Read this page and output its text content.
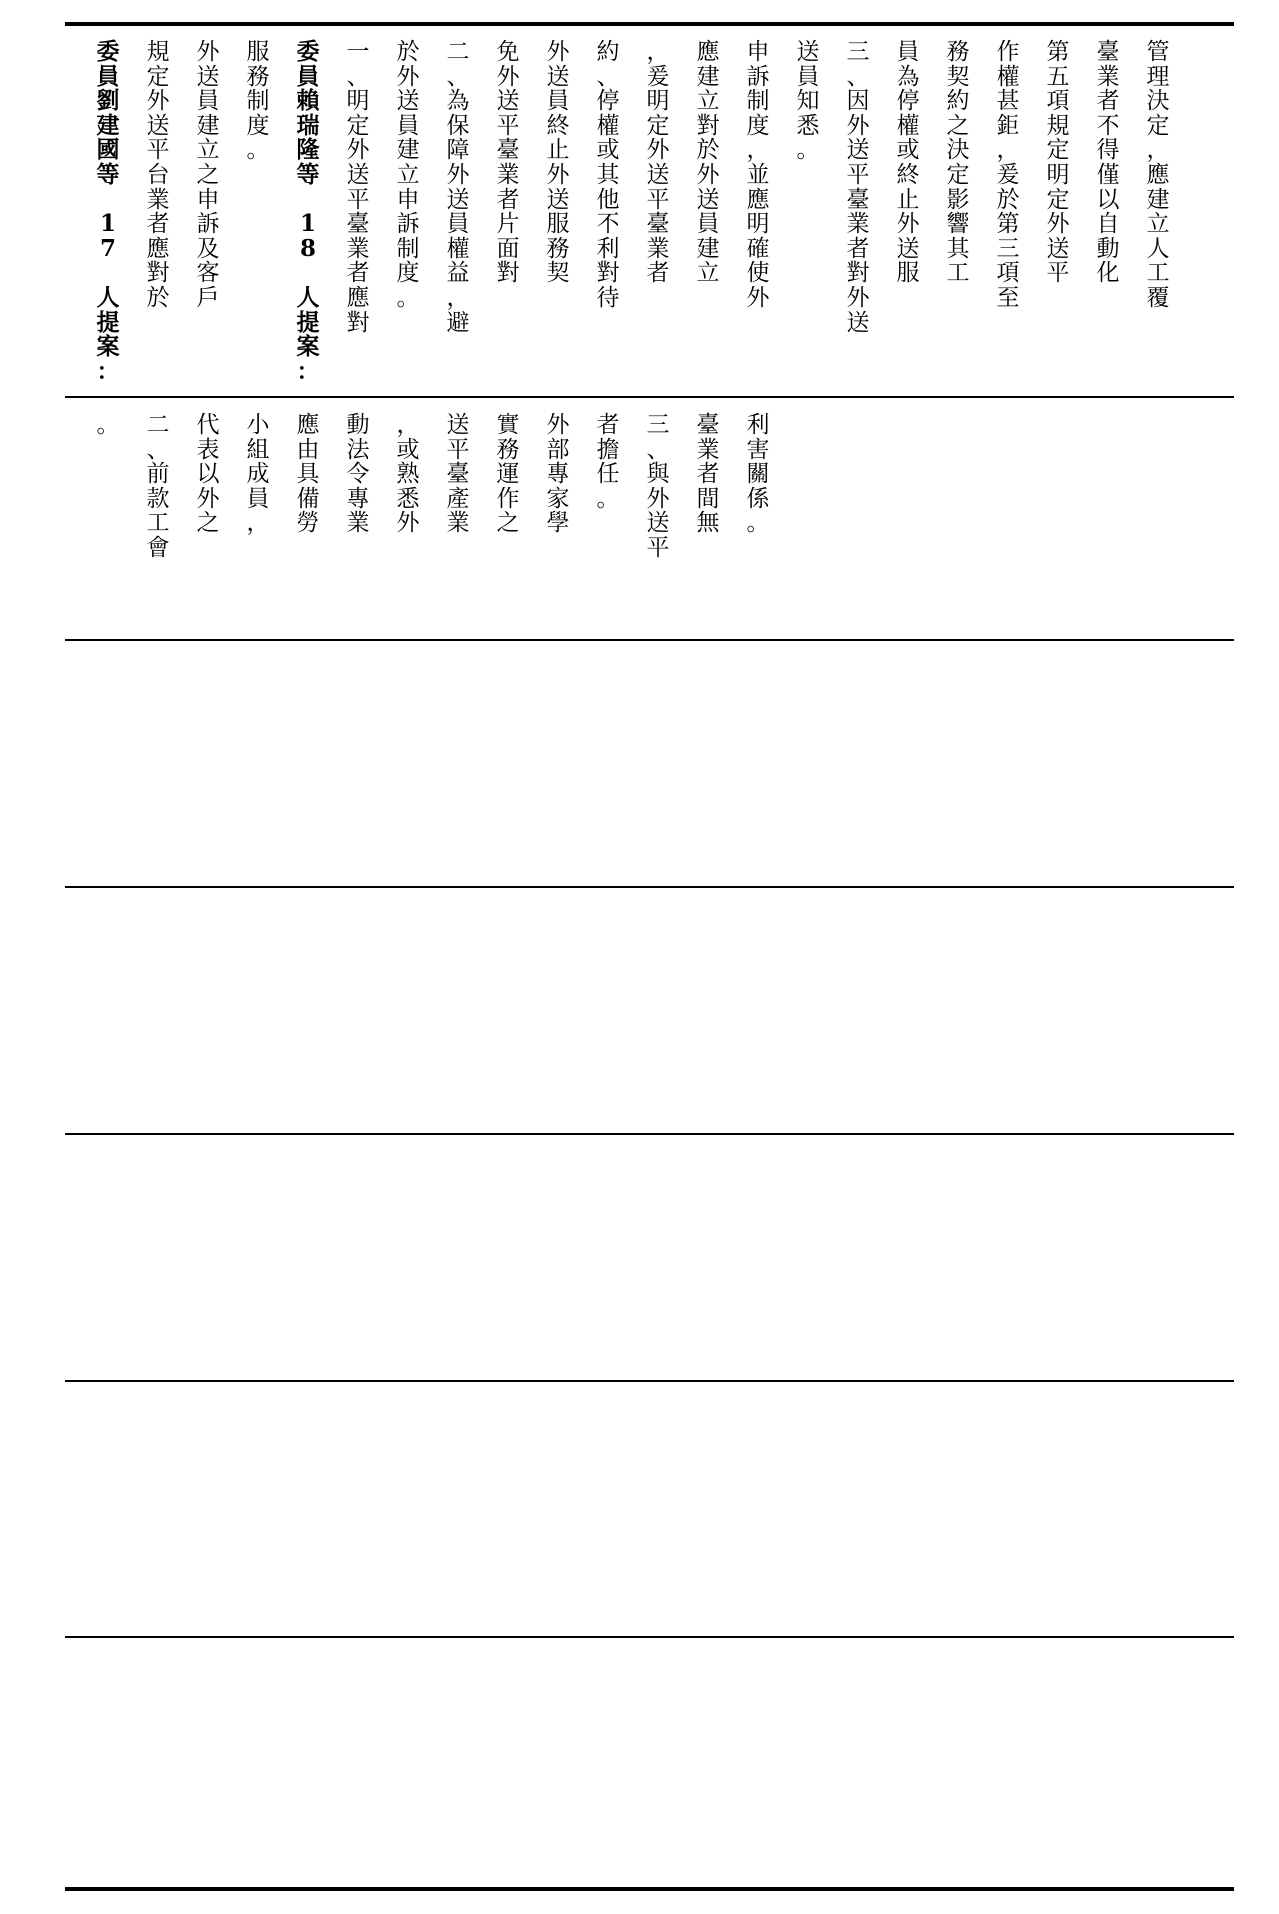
委
員
劉
建
國
等
1
7
人
提
案
：
規
定
外
送
平
台
業
者
應
對
於
外
送
員
建
立
之
申
訴
及
客
戶
服
務
制
度
。
委
員
賴
瑞
隆
等
1
8
人
提
案
：
一
、
明
定
外
送
平
臺
業
者
應
對
於
外
送
員
建
立
申
訴
制
度
。
二
、
為
保
障
外
送
員
權
益
，
避
免
外
送
平
臺
業
者
片
面
對
外
送
員
終
止
外
送
服
務
契
約
、
停
權
或
其
他
不
利
對
待
，
爰
明
定
外
送
平
臺
業
者
應
建
立
對
於
外
送
員
建
立
申
訴
制
度
，
並
應
明
確
使
外
送
員
知
悉
。
三
、
因
外
送
平
臺
業
者
對
外
送
員
為
停
權
或
終
止
外
送
服
務
契
約
之
決
定
影
響
其
工
作
權
甚
鉅
，
爰
於
第
三
項
至
第
五
項
規
定
明
定
外
送
平
臺
業
者
不
得
僅
以
自
動
化
管
理
決
定
，
應
建
立
人
工
覆
。 二
、
前
款
工
會
代
表
以
外
之
小
組
成
員
，
應
由
具
備
勞
動
法
令
專
業
，
或
熟
悉
外
送
平
臺
產
業
實
務
運
作
之
外
部
專
家
學
者
擔
任
。
三
、
與
外
送
平
臺
業
者
間
無
利
害
關
係
。
